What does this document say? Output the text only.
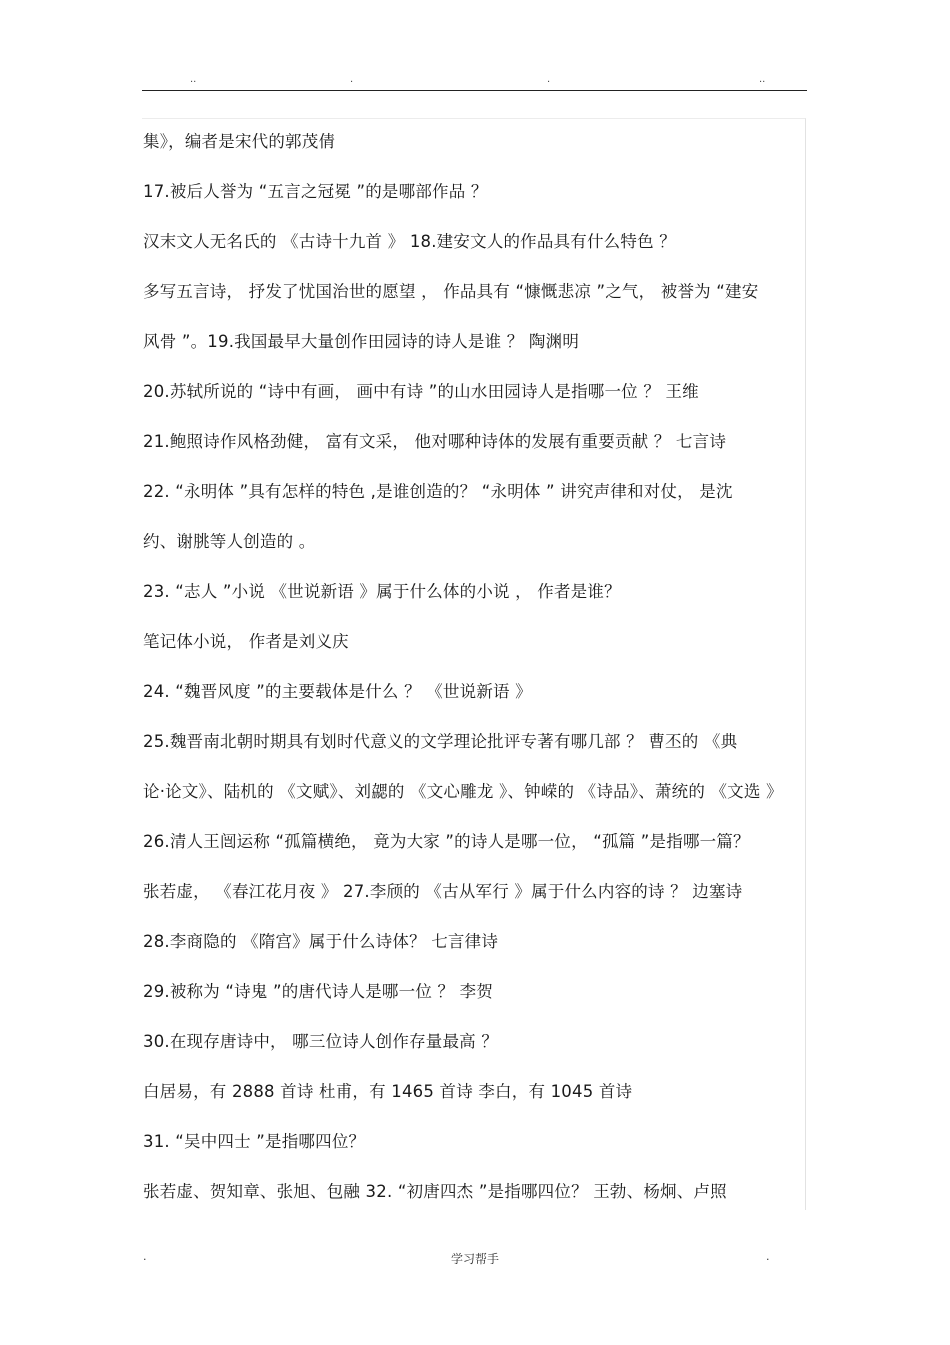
..	.	.	..
集》，编者是宋代的郭茂倩
17.被后人誉为 “五言之冠冕 ”的是哪部作品 ？
汉末文人无名氏的 《古诗十九首 》 18.建安文人的作品具有什么特色 ？
多写五言诗， 抒发了忧国治世的愿望 ， 作品具有 “慷慨悲凉 ”之气， 被誉为 “建安
风骨 ”。19.我国最早大量创作田园诗的诗人是谁 ？ 陶渊明
20.苏轼所说的 “诗中有画， 画中有诗 ”的山水田园诗人是指哪一位 ？ 王维
21.鲍照诗作风格劲健， 富有文采， 他对哪种诗体的发展有重要贡献 ？ 七言诗
22. “永明体 ”具有怎样的特色 ,是谁创造的？ “永明体 ” 讲究声律和对仗， 是沈
约、谢朓等人创造的 。
23. “志人 ”小说 《世说新语 》属于什么体的小说 ， 作者是谁？
笔记体小说， 作者是刘义庆
24. “魏晋风度 ”的主要载体是什么 ？ 《世说新语 》
25.魏晋南北朝时期具有划时代意义的文学理论批评专著有哪几部 ？ 曹丕的 《典
论·论文》、陆机的 《文赋》、刘勰的 《文心雕龙 》、钟嵘的 《诗品》、萧统的 《文选 》
26.清人王闿运称 “孤篇横绝， 竟为大家 ”的诗人是哪一位， “孤篇 ”是指哪一篇？
张若虚， 《春江花月夜 》 27.李颀的 《古从军行 》属于什么内容的诗 ？ 边塞诗
28.李商隐的 《隋宫》属于什么诗体？ 七言律诗
29.被称为 “诗鬼 ”的唐代诗人是哪一位 ？ 李贺
30.在现存唐诗中， 哪三位诗人创作存量最高 ？
白居易，有 2888 首诗 杜甫，有 1465 首诗 李白，有 1045 首诗
31. “吴中四士 ”是指哪四位？
张若虚、贺知章、张旭、包融 32. “初唐四杰 ”是指哪四位？ 王勃、杨炯、卢照
.	学习帮手	.
